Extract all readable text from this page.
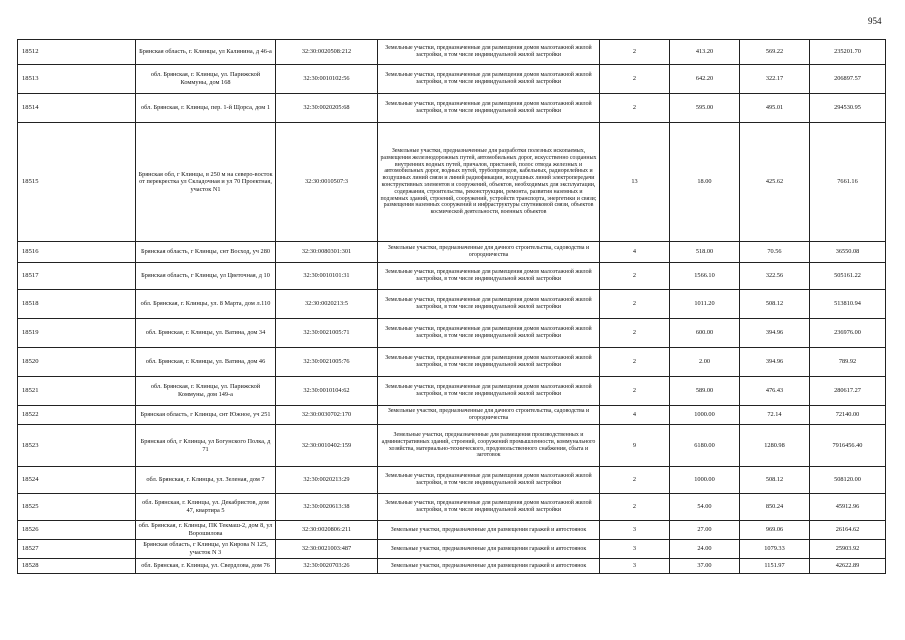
954
18512	Брянская область, г. Клинцы, ул Калинина, д 46-а	32:30:0020508:212	Земельные участки, предназначенные для размещения домов малоэтажной жилой застройки, в том числе индивидуальной жилой застройки	2	413.20	569.22	235201.70
18513	обл. Брянская, г. Клинцы, ул. Парижской Коммуны, дом 168	32:30:0010102:56	Земельные участки, предназначенные для размещения домов малоэтажной жилой застройки, в том числе индивидуальной жилой застройки	2	642.20	322.17	206897.57
18514	обл. Брянская, г. Клинцы, пер. 1-й Щорса, дом 1	32:30:0020205:68	Земельные участки, предназначенные для размещения домов малоэтажной жилой застройки, в том числе индивидуальной жилой застройки	2	595.00	495.01	294530.95
18515	Брянская обл, г Клинцы, в 250 м на северо-восток от перекрестка ул Складочная и ул 70 Проектная, участок N1	32:30:0010507:3	Земельные участки, предназначенные для разработки полезных ископаемых, размещения железнодорожных путей, автомобильных дорог, искусственно созданных внутренних водных путей, причалов, пристаней, полос отвода железных и автомобильных дорог, водных путей, трубопроводов, кабельных, радиорелейных и воздушных линий связи и линий радиофикации, воздушных линий электропередачи конструктивных элементов и сооружений, объектов, необходимых для эксплуатации, содержания, строительства, реконструкции, ремонта, развития наземных и подземных зданий, строений, сооружений, устройств транспорта, энергетики и связи; размещения наземных сооружений и инфраструктуры спутниковой связи, объектов космической деятельности, военных объектов	13	18.00	425.62	7661.16
18516	Брянская область, г Клинцы, снт Восход, уч 280	32:30:0080301:301	Земельные участки, предназначенные для дачного строительства, садоводства и огородничества	4	518.00	70.56	36550.08
18517	Брянская область, г Клинцы, ул Цветочная, д 10	32:30:0010101:31	Земельные участки, предназначенные для размещения домов малоэтажной жилой застройки, в том числе индивидуальной жилой застройки	2	1566.10	322.56	505161.22
18518	обл. Брянская, г. Клинцы, ул. 8 Марта, дом л.110	32:30:0020213:5	Земельные участки, предназначенные для размещения домов малоэтажной жилой застройки, в том числе индивидуальной жилой застройки	2	1011.20	508.12	513810.94
18519	обл. Брянская, г. Клинцы, ул. Ватина, дом 34	32:30:0021005:71	Земельные участки, предназначенные для размещения домов малоэтажной жилой застройки, в том числе индивидуальной жилой застройки	2	600.00	394.96	236976.00
18520	обл. Брянская, г. Клинцы, ул. Ватина, дом 46	32:30:0021005:76	Земельные участки, предназначенные для размещения домов малоэтажной жилой застройки, в том числе индивидуальной жилой застройки	2	2.00	394.96	789.92
18521	обл. Брянская, г. Клинцы, ул. Парижской Коммуны, дом 149-а	32:30:0010104:62	Земельные участки, предназначенные для размещения домов малоэтажной жилой застройки, в том числе индивидуальной жилой застройки	2	589.00	476.43	280617.27
18522	Брянская область, г Клинцы, снт Южное, уч 251	32:30:0030702:170	Земельные участки, предназначенные для дачного строительства, садоводства и огородничества	4	1000.00	72.14	72140.00
18523	Брянская обл, г Клинцы, ул Богунского Полка, д 71	32:30:0010402:159	Земельные участки, предназначенные для размещения производственных и административных зданий, строений, сооружений промышленности, коммунального хозяйства, материально-технического, продовольственного снабжения, сбыта и заготовок	9	6180.00	1280.98	7916456.40
18524	обл. Брянская, г. Клинцы, ул. Зеленая, дом 7	32:30:0020213:29	Земельные участки, предназначенные для размещения домов малоэтажной жилой застройки, в том числе индивидуальной жилой застройки	2	1000.00	508.12	508120.00
18525	обл. Брянская, г. Клинцы, ул. Декабристов, дом 47, квартира 5	32:30:0020613:38	Земельные участки, предназначенные для размещения домов малоэтажной жилой застройки, в том числе индивидуальной жилой застройки	2	54.00	850.24	45912.96
18526	обл. Брянская, г. Клинцы, ПК Текмаш-2, дом 8, ул Ворошилова	32:30:0020806:211	Земельные участки, предназначенные для размещения гаражей и автостоянок	3	27.00	969.06	26164.62
18527	Брянская область, г Клинцы, ул Кирова N 125, участок N 3	32:30:0021003:487	Земельные участки, предназначенные для размещения гаражей и автостоянок	3	24.00	1079.33	25903.92
18528	обл. Брянская, г. Клинцы, ул. Свердлова, дом 76	32:30:0020703:26	Земельные участки, предназначенные для размещения гаражей и автостоянок	3	37.00	1151.97	42622.89
